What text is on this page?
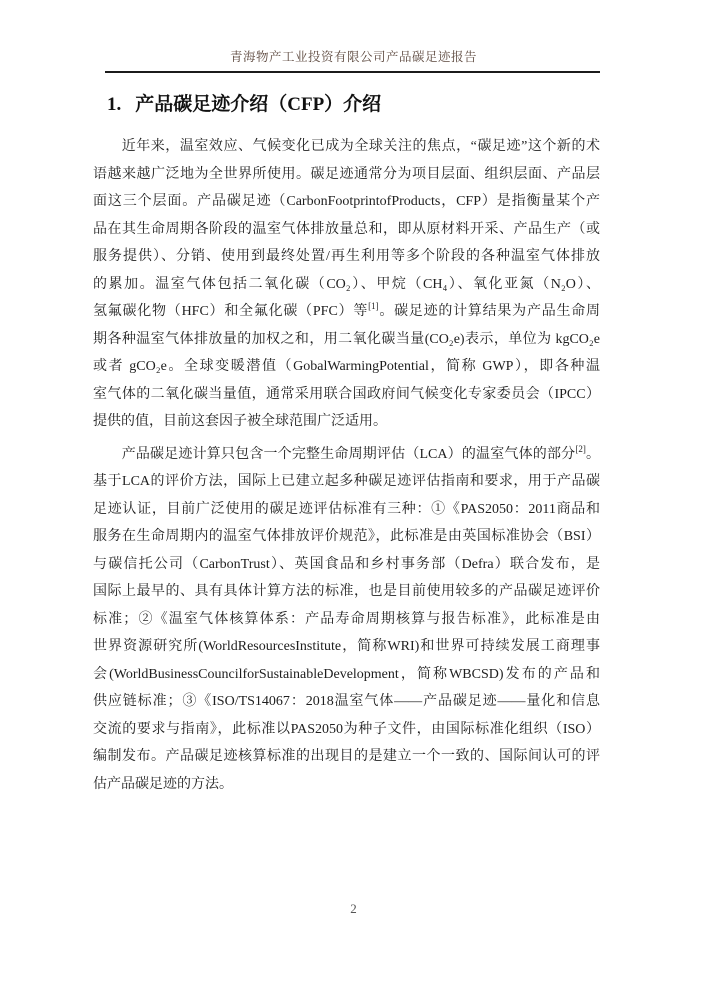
青海物产工业投资有限公司产品碳足迹报告
1. 产品碳足迹介绍（CFP）介绍
近年来，温室效应、气候变化已成为全球关注的焦点，“碳足迹”这个新的术
语越来越广泛地为全世界所使用。碳足迹通常分为项目层面、组织层面、产品层
面这三个层面。产品碳足迹（CarbonFootprintofProducts，CFP）是指衡量某个产
品在其生命周期各阶段的温室气体排放量总和，即从原材料开采、产品生产（或
服务提供）、分销、使用到最终处置/再生利用等多个阶段的各种温室气体排放
的累加。温室气体包括二氧化碳（CO₂）、甲烷（CH₄）、氧化亚氮（N₂O）、
氢氟碳化物（HFC）和全氟化碳（PFC）等[1]。碳足迹的计算结果为产品生命周
期各种温室气体排放量的加权之和，用二氧化碳当量(CO₂e)表示，单位为 kgCO₂e
或者 gCO₂e。全球变暖潜值（GobalWarmingPotential，简称 GWP），即各种温
室气体的二氧化碳当量值，通常采用联合国政府间气候变化专家委员会（IPCC）
提供的值，目前这套因子被全球范围广泛适用。
产品碳足迹计算只包含一个完整生命周期评估（LCA）的温室气体的部分[2]。
基于LCA的评价方法，国际上已建立起多种碳足迹评估指南和要求，用于产品碳
足迹认证，目前广泛使用的碳足迹评估标准有三种：①《PAS2050：2011商品和
服务在生命周期内的温室气体排放评价规范》，此标准是由英国标准协会（BSI）
与碳信托公司（CarbonTrust）、英国食品和乡村事务部（Defra）联合发布，是
国际上最早的、具有具体计算方法的标准，也是目前使用较多的产品碳足迹评价
标准；②《温室气体核算体系：产品寿命周期核算与报告标准》，此标准是由
世界资源研究所(WorldResourcesInstitute，简称WRI)和世界可持续发展工商理事
会(WorldBusinessCouncilforSustainableDevelopment，简称WBCSD)发布的产品和
供应链标准；③《ISO/TS14067：2018温室气体——产品碳足迹——量化和信息
交流的要求与指南》，此标准以PAS2050为种子文件，由国际标准化组织（ISO）
编制发布。产品碳足迹核算标准的出现目的是建立一个一致的、国际间认可的评
估产品碳足迹的方法。
2
